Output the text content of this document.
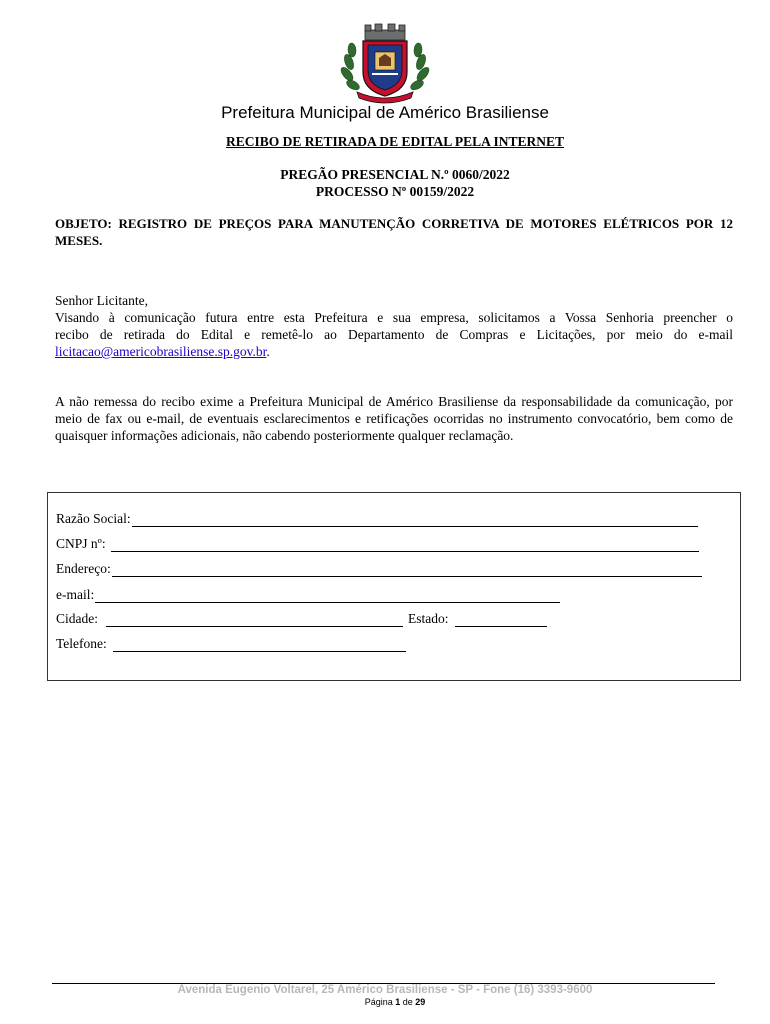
Prefeitura Municipal de Américo Brasiliense
RECIBO DE RETIRADA DE EDITAL PELA INTERNET
PREGÃO PRESENCIAL N.º 0060/2022
PROCESSO Nº 00159/2022
OBJETO: REGISTRO DE PREÇOS PARA MANUTENÇÃO CORRETIVA DE MOTORES ELÉTRICOS POR 12 MESES.
Senhor Licitante,
Visando à comunicação futura entre esta Prefeitura e sua empresa, solicitamos a Vossa Senhoria preencher o
recibo de retirada do Edital e remetê-lo ao Departamento de Compras e Licitações, por meio do e-mail
licitacao@americobrasiliense.sp.gov.br.
A não remessa do recibo exime a Prefeitura Municipal de Américo Brasiliense da responsabilidade da comunicação, por meio de fax ou e-mail, de eventuais esclarecimentos e retificações ocorridas no instrumento convocatório, bem como de quaisquer informações adicionais, não cabendo posteriormente qualquer reclamação.
Razão Social:
CNPJ nº:
Endereço:
e-mail:
Cidade:	Estado:
Telefone:
Avenida Eugenio Voltarel, 25 Américo Brasiliense - SP - Fone (16) 3393-9600
Página 1 de 29
